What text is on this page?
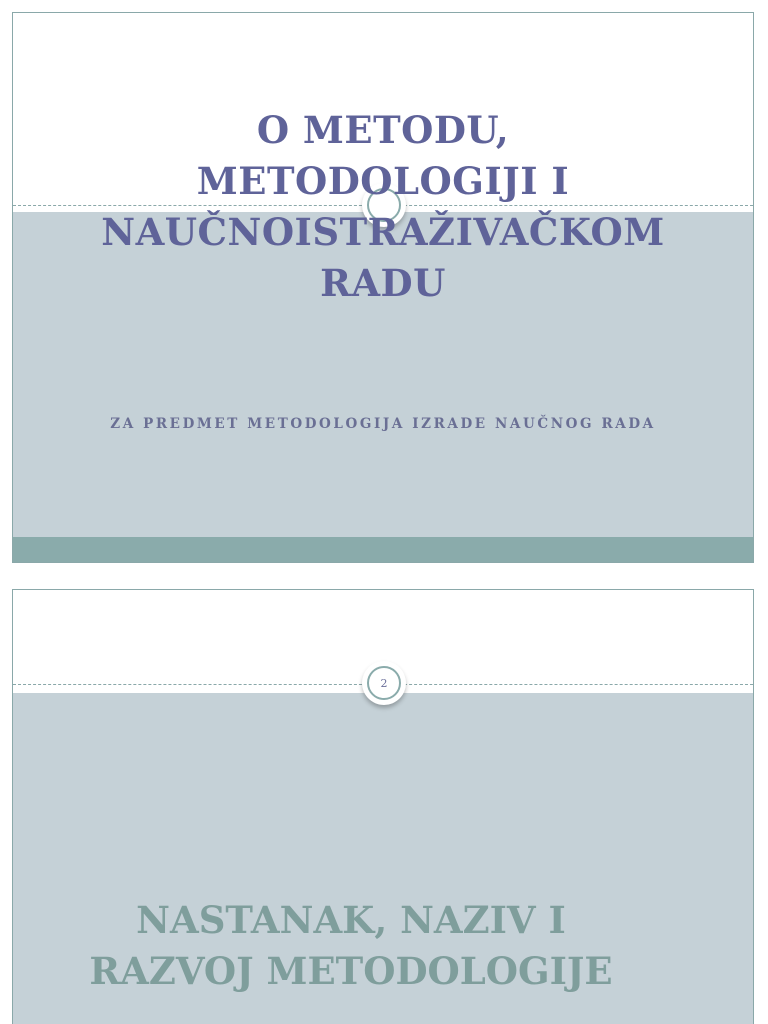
O METODU,
METODOLOGIJI I
NAUČNOISTRAŽIVAČKOM
RADU

ZA PREDMET METODOLOGIJA IZRADE NAUČNOG RADA

2
NASTANAK, NAZIV I
RAZVOJ METODOLOGIJE
